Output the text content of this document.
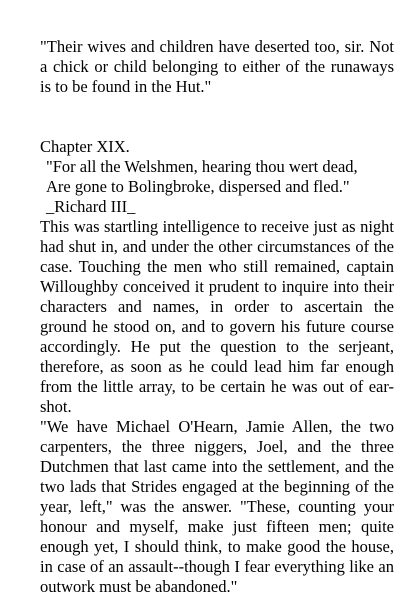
"Their wives and children have deserted too, sir. Not a chick or child belonging to either of the runaways is to be found in the Hut."

Chapter XIX.
"For all the Welshmen, hearing thou wert dead,Are gone to Bolingbroke, dispersed and fled."
_Richard III_

This was startling intelligence to receive just as night had shut in, and under the other circumstances of the case. Touching the men who still remained, captain Willoughby conceived it prudent to inquire into their characters and names, in order to ascertain the ground he stood on, and to govern his future course accordingly. He put the question to the serjeant, therefore, as soon as he could lead him far enough from the little array, to be certain he was out of ear-shot.

"We have Michael O'Hearn, Jamie Allen, the two carpenters, the three niggers, Joel, and the three Dutchmen that last came into the settlement, and the two lads that Strides engaged at the beginning of the year, left," was the answer. "These, counting your honour and myself, make just fifteen men; quite enough yet, I should think, to make good the house, in case of an assault--though I fear everything like an outwork must be abandoned."
